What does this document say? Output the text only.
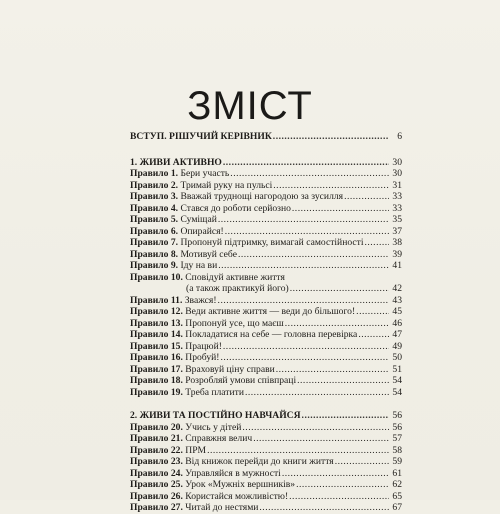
ЗМІСТ
ВСТУП. РІШУЧИЙ КЕРІВНИК .....	6
1. ЖИВИ АКТИВНО .....	30
Правило 1. Бери участь .....	30
Правило 2. Тримай руку на пульсі .....	31
Правило 3. Вважай труднощі нагородою за зусилля .....	33
Правило 4. Стався до роботи серйозно .....	33
Правило 5. Суміщай .....	35
Правило 6. Опирайся! .....	37
Правило 7. Пропонуй підтримку, вимагай самостійності .....	38
Правило 8. Мотивуй себе .....	39
Правило 9. Іду на ви .....	41
Правило 10. Сповідуй активне життя
(а також практикуй його) .....	42
Правило 11. Зважся! .....	43
Правило 12. Веди активне життя — веди до більшого! .....	45
Правило 13. Пропонуй усе, що маєш .....	46
Правило 14. Покладатися на себе — головна перевірка .....	47
Правило 15. Працюй! .....	49
Правило 16. Пробуй! .....	50
Правило 17. Враховуй ціну справи .....	51
Правило 18. Розробляй умови співпраці .....	54
Правило 19. Треба платити .....	54
2. ЖИВИ ТА ПОСТІЙНО НАВЧАЙСЯ .....	56
Правило 20. Учись у дітей .....	56
Правило 21. Справжня велич .....	57
Правило 22. ПРМ .....	58
Правило 23. Від книжок перейди до книги життя .....	59
Правило 24. Управляйся в мужності .....	61
Правило 25. Урок «Мужніх вершників» .....	62
Правило 26. Користайся можливістю! .....	65
Правило 27. Читай до нестями .....	67
